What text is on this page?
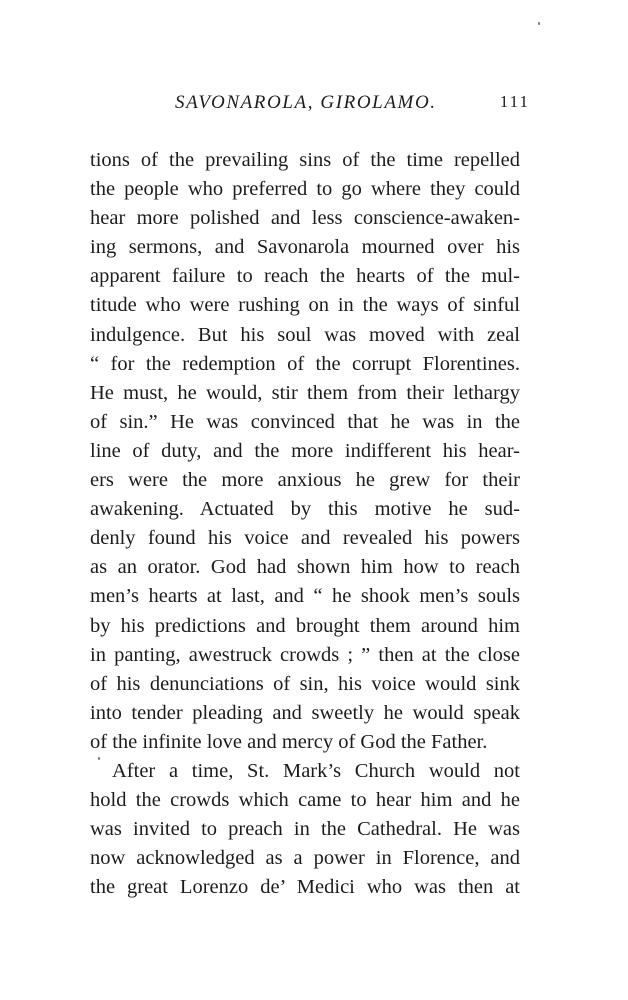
SAVONAROLA, GIROLAMO.	111
tions of the prevailing sins of the time repelled
the people who preferred to go where they could
hear more polished and less conscience-awaken-
ing sermons, and Savonarola mourned over his
apparent failure to reach the hearts of the mul-
titude who were rushing on in the ways of sinful
indulgence. But his soul was moved with zeal
“ for the redemption of the corrupt Florentines.
He must, he would, stir them from their lethargy
of sin.” He was convinced that he was in the
line of duty, and the more indifferent his hear-
ers were the more anxious he grew for their
awakening. Actuated by this motive he sud-
denly found his voice and revealed his powers
as an orator. God had shown him how to reach
men’s hearts at last, and “ he shook men’s souls
by his predictions and brought them around him
in panting, awestruck crowds ; ” then at the close
of his denunciations of sin, his voice would sink
into tender pleading and sweetly he would speak
of the infinite love and mercy of God the Father.
After a time, St. Mark’s Church would not
hold the crowds which came to hear him and he
was invited to preach in the Cathedral. He was
now acknowledged as a power in Florence, and
the great Lorenzo de’ Medici who was then at
